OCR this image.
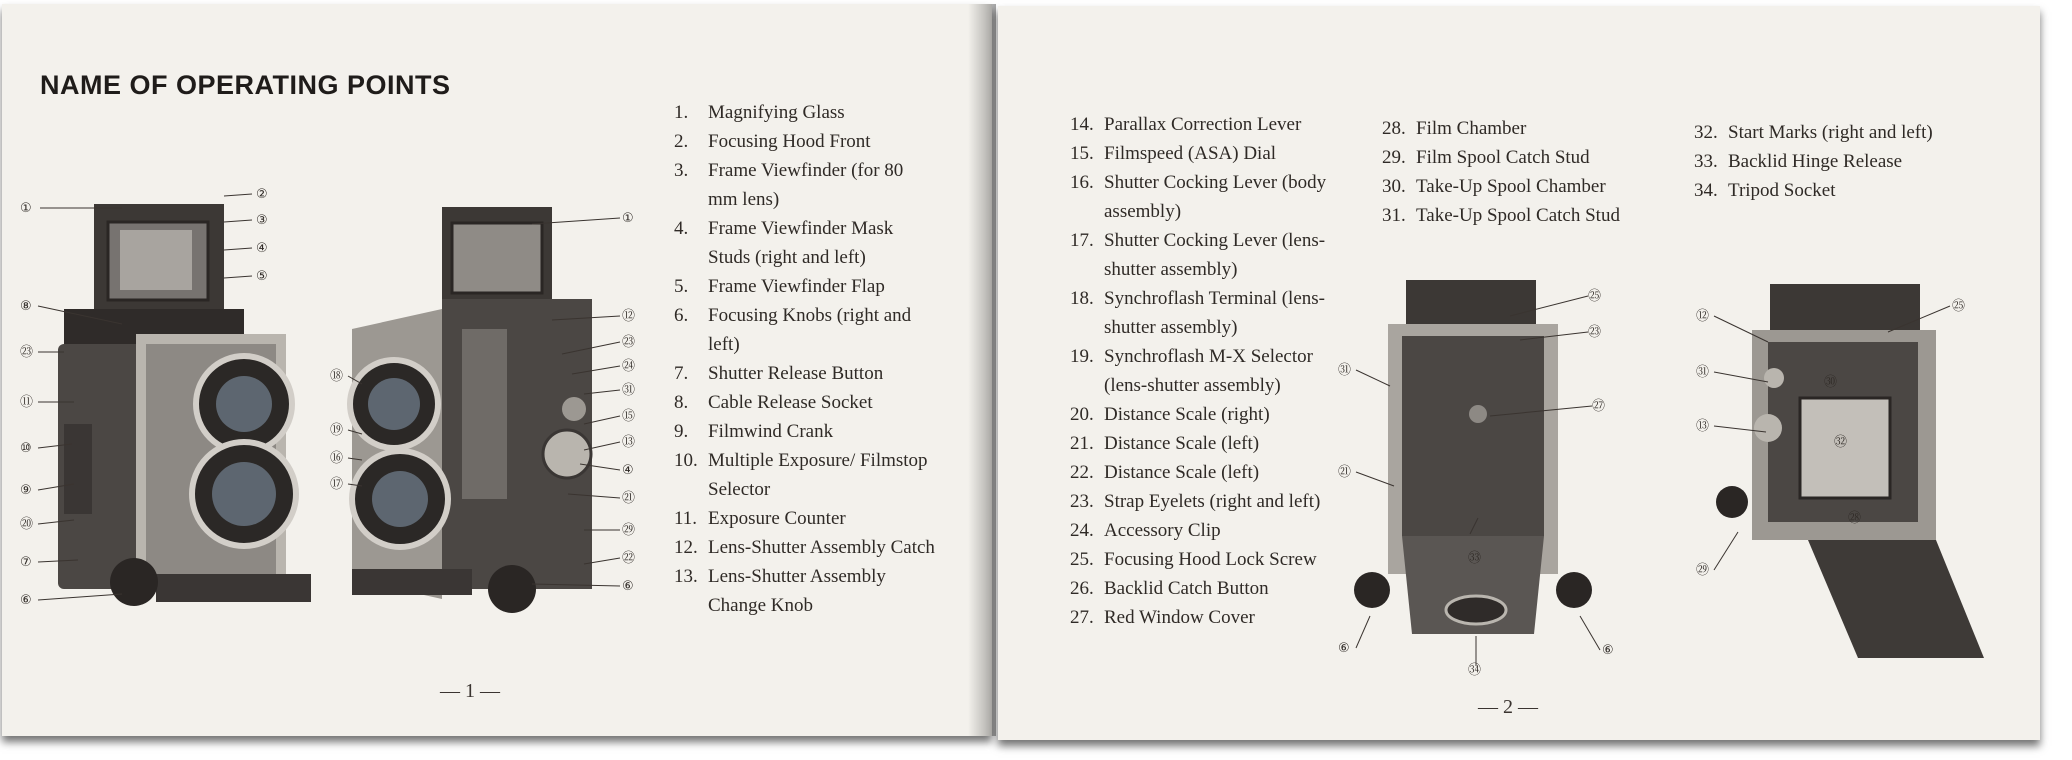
NAME OF OPERATING POINTS
①
②
③
④
⑤
⑧
㉓
⑪
⑩
⑨
⑳
⑦
⑥
①
⑫
㉓
㉔
㉛
⑮
⑬
④
㉑
㉙
㉒
⑥
⑱
⑲
⑯
⑰
1. Magnifying Glass
2. Focusing Hood Front
3. Frame Viewfinder (for 80 mm lens)
4. Frame Viewfinder Mask Studs (right and left)
5. Frame Viewfinder Flap
6. Focusing Knobs (right and left)
7. Shutter Release Button
8. Cable Release Socket
9. Filmwind Crank
10. Multiple Exposure/ Filmstop Selector
11. Exposure Counter
12. Lens-Shutter Assembly Catch
13. Lens-Shutter Assembly Change Knob
— 1 —
14. Parallax Correction Lever
15. Filmspeed (ASA) Dial
16. Shutter Cocking Lever (body assembly)
17. Shutter Cocking Lever (lens-shutter assembly)
18. Synchroflash Terminal (lens-shutter assembly)
19. Synchroflash M-X Selector (lens-shutter assembly)
20. Distance Scale (right)
21. Distance Scale (left)
22. Distance Scale (left)
23. Strap Eyelets (right and left)
24. Accessory Clip
25. Focusing Hood Lock Screw
26. Backlid Catch Button
27. Red Window Cover
28. Film Chamber
29. Film Spool Catch Stud
30. Take-Up Spool Chamber
31. Take-Up Spool Catch Stud
32. Start Marks (right and left)
33. Backlid Hinge Release
34. Tripod Socket
㉕
㉓
㉗
㉛
㉑
㉝
⑥	⑥
㉞
⑫
㉕
㉛
㉚
⑬
㉜
㉘
㉙
— 2 —
